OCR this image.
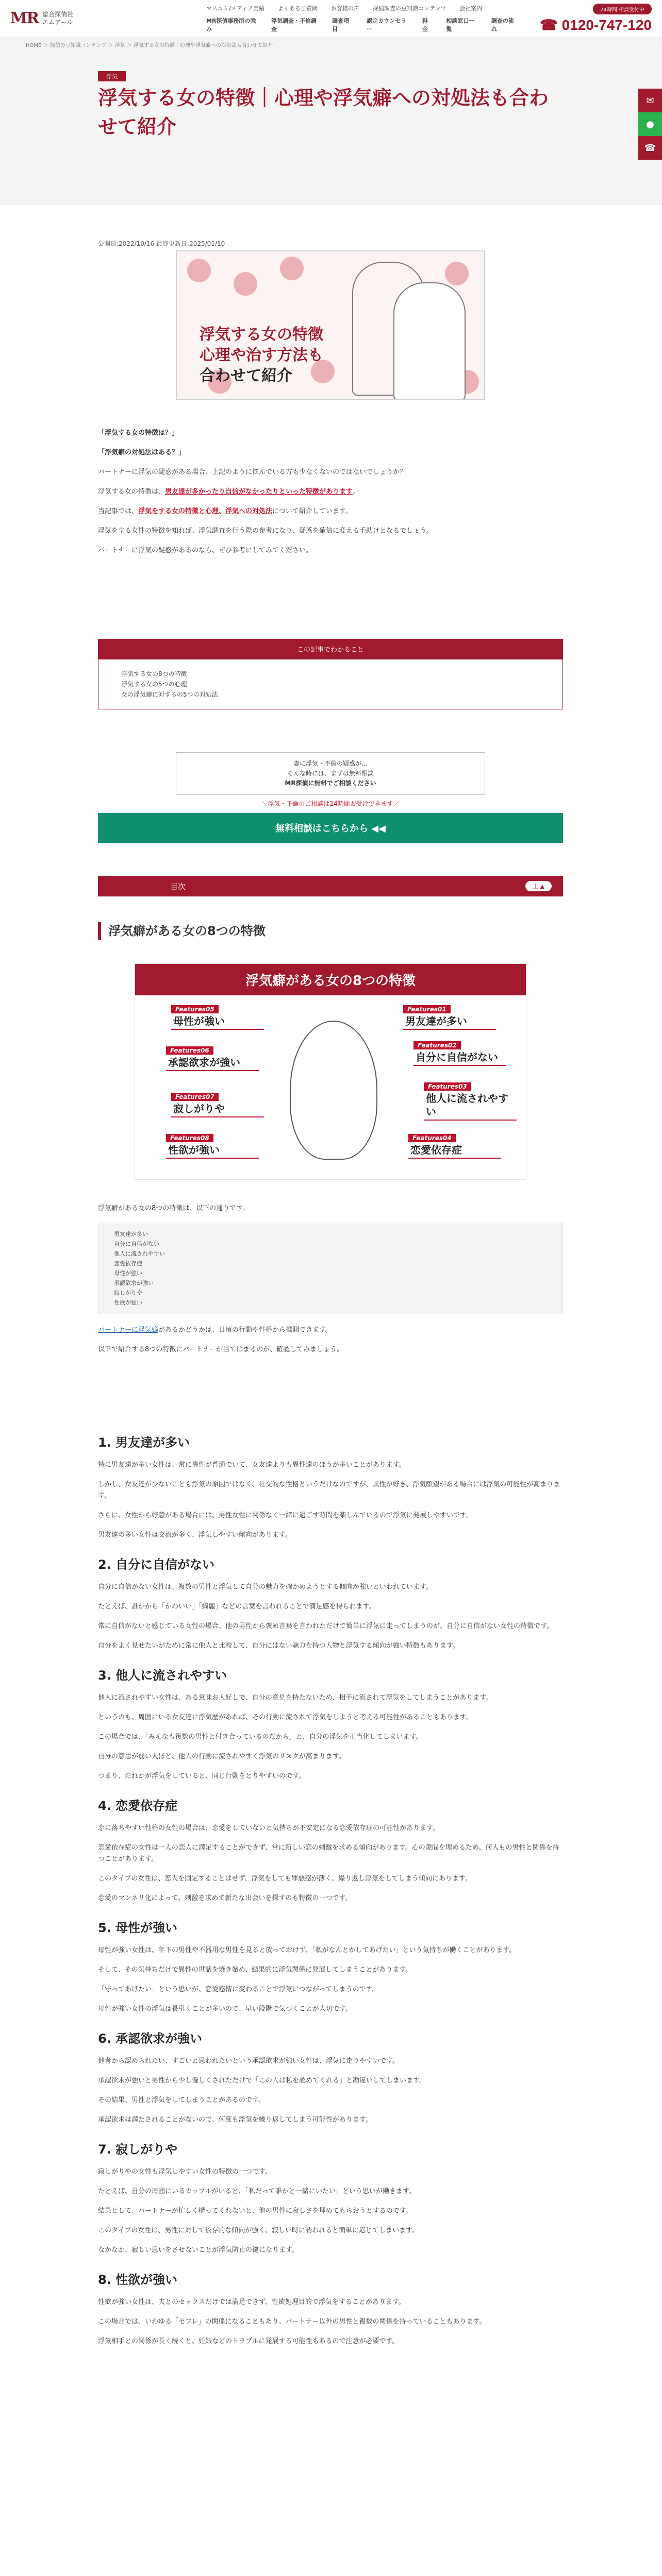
MR 総合探偵社
エムアール
マスコミ/メディア実績 よくあるご質問 お客様の声 探偵調査の豆知識コンテンツ 会社案内
MR探偵事務所の強み
浮気調査・不倫調査
調査項目
認定カウンセラー
料金
相談窓口一覧
調査の流れ
24時間 相談受付中
☎ 0120-747-120
✉
●
☎
HOME ＞ 探偵の豆知識コンテンツ ＞ 浮気 ＞ 浮気する女の特徴｜心理や浮気癖への対処法も合わせて紹介
浮気
浮気する女の特徴｜心理や浮気癖への対処法も合わせて紹介
公開日:2022/10/16 最終更新日:2025/01/10
浮気する女の特徴
心理や治す方法も
合わせて紹介

「浮気する女の特徴は？」

「浮気癖の対処法はある？」

パートナーに浮気の疑惑がある場合、上記のように悩んでいる方も少なくないのではないでしょうか？

浮気する女の特徴は、男友達が多かったり自信がなかったりといった特徴があります。

当記事では、浮気をする女の特徴と心理、浮気への対処法について紹介しています。

浮気をする女性の特徴を知れば、浮気調査を行う際の参考になり、疑惑を確信に変える手助けとなるでしょう。

パートナーに浮気の疑惑があるのなら、ぜひ参考にしてみてください。

この記事でわかること
浮気する女の8つの特徴
浮気する女の5つの心理
女の浮気癖に対するの5つの対処法
妻に浮気・不倫の疑惑が…
そんな時には、まずは無料相談
MR探偵に無料でご相談ください
＼浮気・不倫のご相談は24時間お受けできます／
無料相談はこちらから ◀◀
目次	上 ▲
浮気癖がある女の8つの特徴
浮気癖がある女の8つの特徴
Features01
男友達が多い
Features02
自分に自信がない
Features03
他人に流されやすい
Features04
恋愛依存症
Features05
母性が強い
Features06
承認欲求が強い
Features07
寂しがりや
Features08
性欲が強い

浮気癖がある女の8つの特徴は、以下の通りです。

男友達が多い
自分に自信がない
他人に流されやすい
恋愛依存症
母性が強い
承認欲求が強い
寂しがりや
性欲が強い

パートナーに浮気癖があるかどうかは、日頃の行動や性格から推測できます。

以下で紹介する8つの特徴にパートナーが当てはまるのか、確認してみましょう。

1. 男友達が多い

特に男友達が多い女性は、常に異性が普通でいて、女友達よりも異性達のほうが多いことがあります。

しかし、女友達が少ないことも浮気の原因ではなく、社交的な性格というだけなのですが、異性が好き、浮気願望がある場合には浮気の可能性が高まります。

さらに、女性から好意がある場合には、男性女性に関係なく一緒に過ごす時間を楽しんでいるので浮気に発展しやすいです。

男友達の多い女性は交流が多く、浮気しやすい傾向があります。

2. 自分に自信がない

自分に自信がない女性は、複数の男性と浮気して自分の魅力を確かめようとする傾向が強いといわれています。

たとえば、誰かから「かわいい」「綺麗」などの言葉を言われることで満足感を得られます。

常に自信がないと感じている女性の場合、他の男性から褒め言葉を言われただけで簡単に浮気に走ってしまうのが、自分に自信がない女性の特徴です。

自分をよく見せたいがために常に他人と比較して、自分にはない魅力を持つ人物と浮気する傾向が強い特徴もあります。

3. 他人に流されやすい

他人に流されやすい女性は、ある意味お人好しで、自分の意見を持たないため、相手に流されて浮気をしてしまうことがあります。

というのも、周囲にいる女友達に浮気歴があれば、その行動に流されて浮気をしようと考える可能性があることもあります。

この場合では、「みんなも複数の男性と付き合っているのだから」と、自分の浮気を正当化してしまいます。

自分の意思が弱い人ほど、他人の行動に流されやすく浮気のリスクが高まります。

つまり、だれかが浮気をしていると、同じ行動をとりやすいのです。

4. 恋愛依存症

恋に落ちやすい性格の女性の場合は、恋愛をしていないと気持ちが不安定になる恋愛依存症の可能性があります。

恋愛依存症の女性は一人の恋人に満足することができず、常に新しい恋の刺激を求める傾向があります。心の隙間を埋めるため、何人もの男性と関係を持つことがあります。

このタイプの女性は、恋人を固定することはせず、浮気をしても罪悪感が薄く、繰り返し浮気をしてしまう傾向にあります。

恋愛のマンネリ化によって、刺激を求めて新たな出会いを探すのも特徴の一つです。

5. 母性が強い

母性が強い女性は、年下の男性や不器用な男性を見ると放っておけず、「私がなんとかしてあげたい」という気持ちが働くことがあります。

そして、その気持ちだけで異性の世話を焼き始め、結果的に浮気関係に発展してしまうことがあります。

「守ってあげたい」という思いが、恋愛感情に変わることで浮気につながってしまうのです。

母性が強い女性の浮気は長引くことが多いので、早い段階で気づくことが大切です。

6. 承認欲求が強い

他者から認められたい、すごいと思われたいという承認欲求が強い女性は、浮気に走りやすいです。

承認欲求が強いと男性から少し優しくされただけで「この人は私を認めてくれる」と勘違いしてしまいます。

その結果、男性と浮気をしてしまうことがあるのです。

承認欲求は満たされることがないので、何度も浮気を繰り返してしまう可能性があります。

7. 寂しがりや

寂しがりやの女性も浮気しやすい女性の特徴の一つです。

たとえば、自分の周囲にいるカップルがいると、「私だって誰かと一緒にいたい」という思いが働きます。

結果として、パートナーが忙しく構ってくれないと、他の男性に寂しさを埋めてもらおうとするのです。

このタイプの女性は、男性に対して依存的な傾向が強く、寂しい時に誘われると簡単に応じてしまいます。

なかなか、寂しい思いをさせないことが浮気防止の鍵になります。

8. 性欲が強い

性欲が強い女性は、夫とのセックスだけでは満足できず、性欲処理目的で浮気をすることがあります。

この場合では、いわゆる「セフレ」の関係になることもあり、パートナー以外の男性と複数の関係を持っていることもあります。

浮気相手との関係が長く続くと、妊娠などのトラブルに発展する可能性もあるので注意が必要です。
